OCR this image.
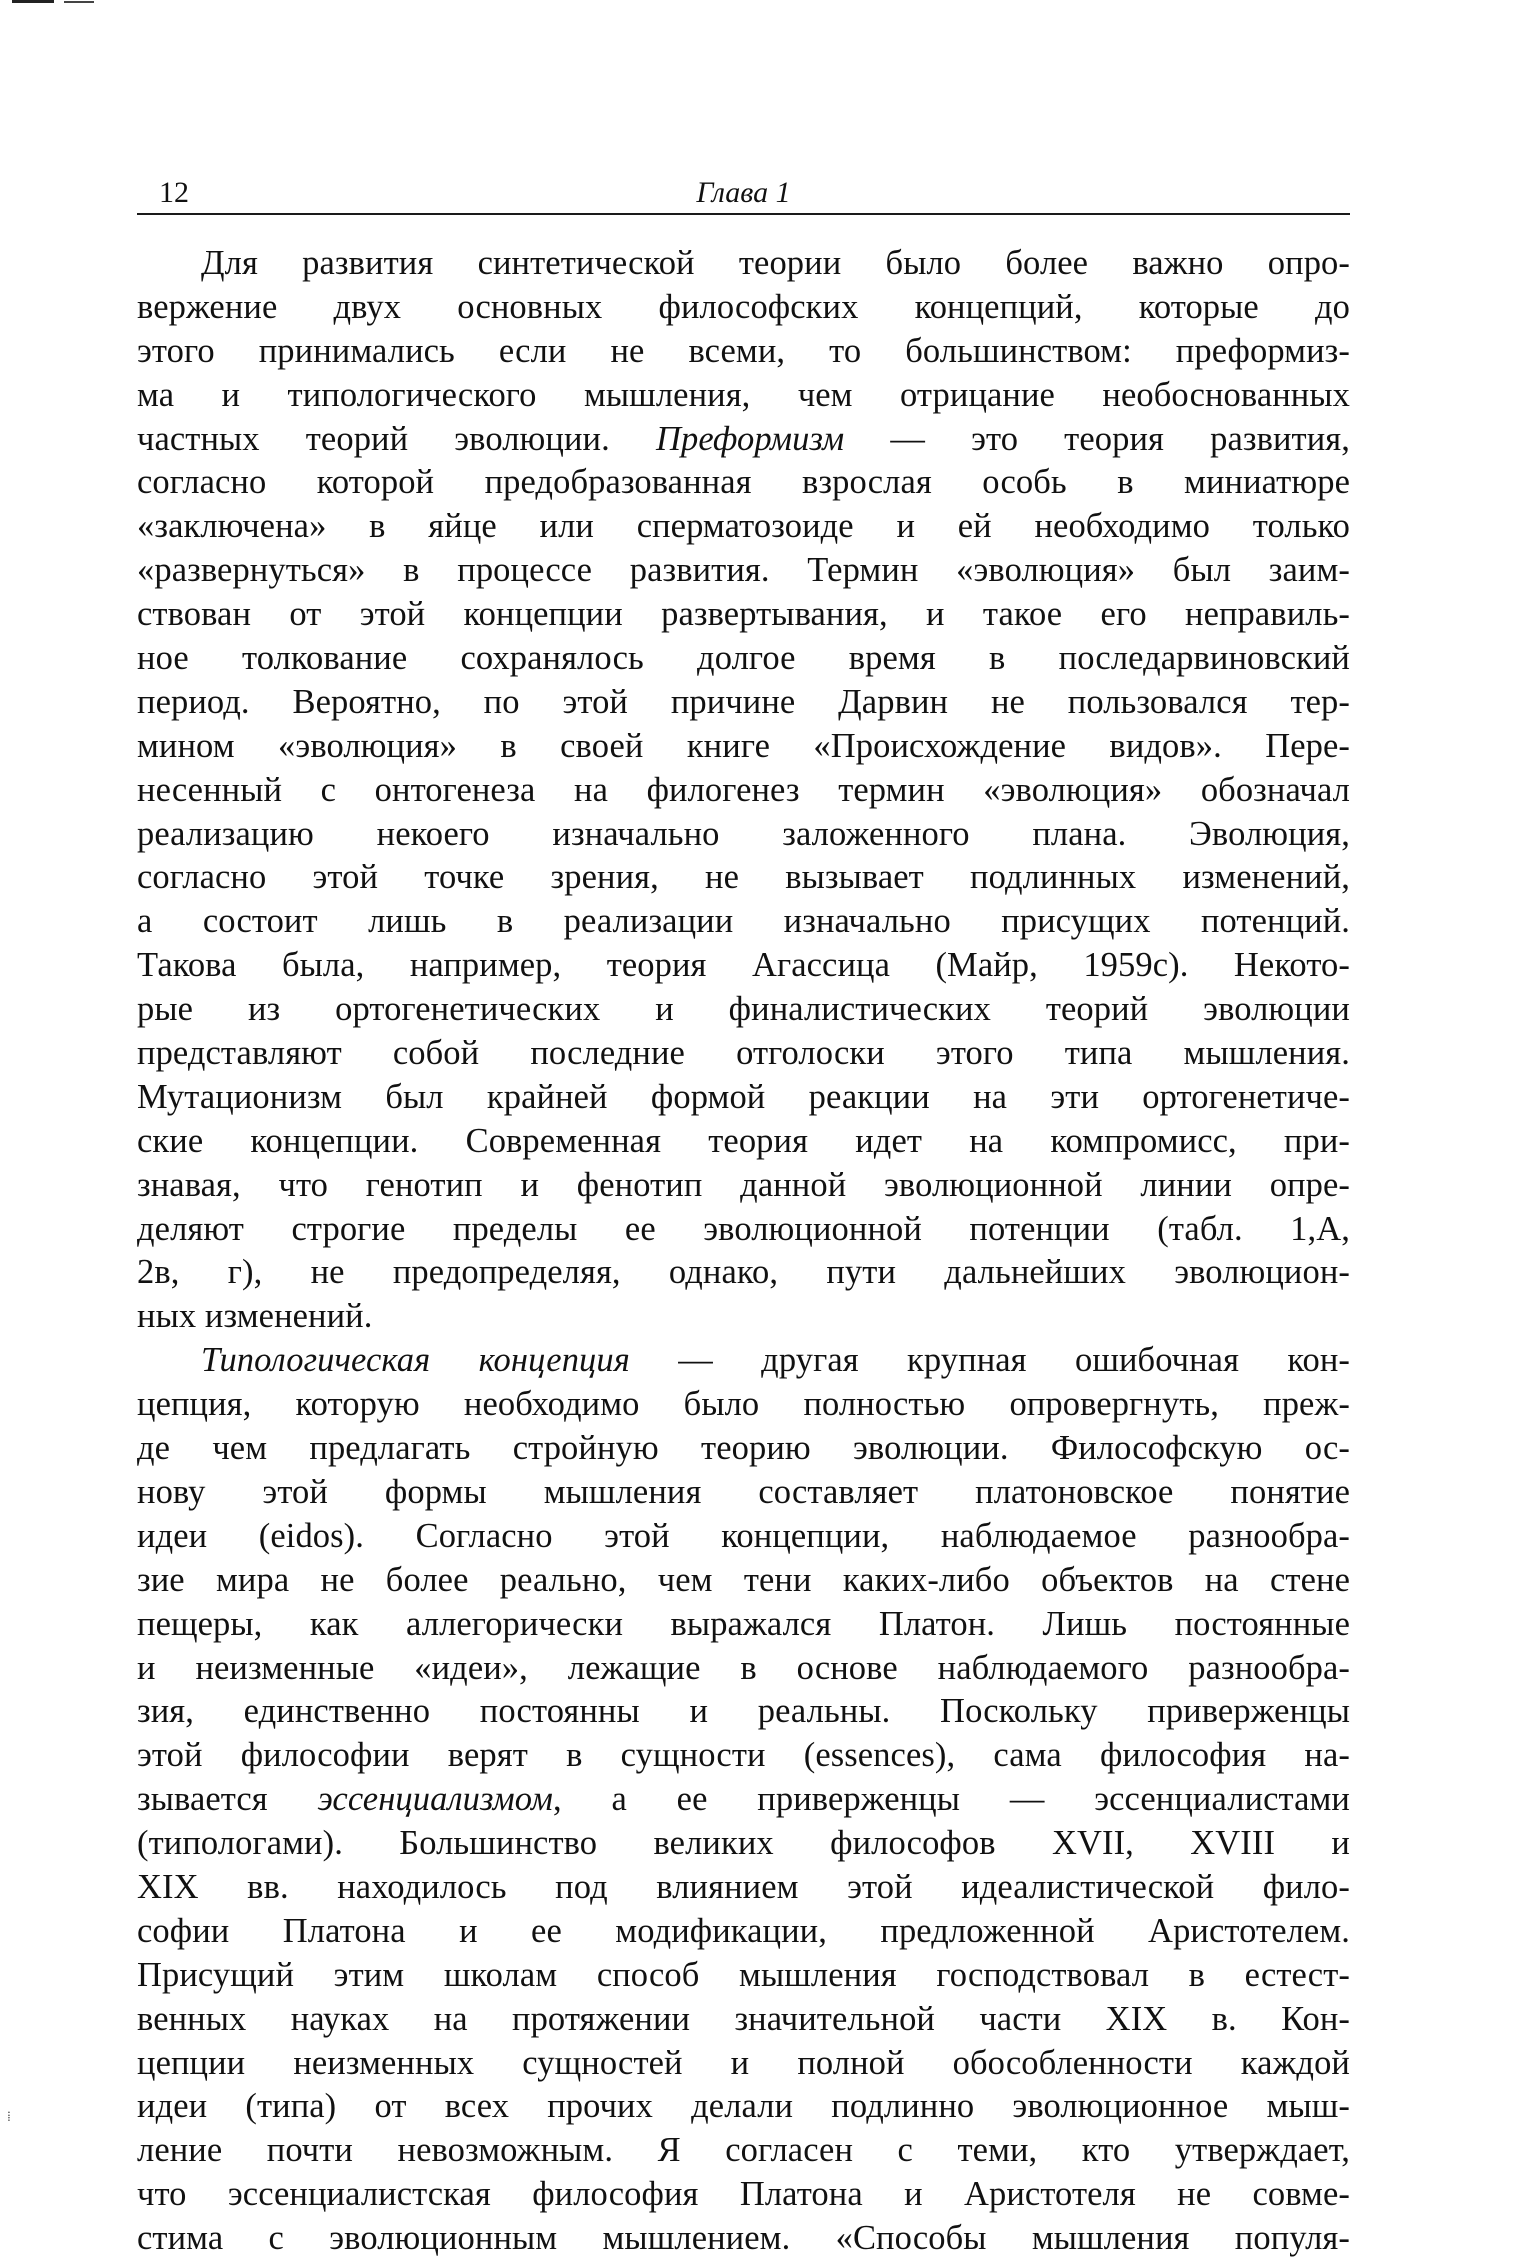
12	Глава 1
Для развития синтетической теории было более важно опро-
вержение двух основных философских концепций, которые до
этого принимались если не всеми, то большинством: преформиз-
ма и типологического мышления, чем отрицание необоснованных
частных теорий эволюции. Преформизм — это теория развития,
согласно которой предобразованная взрослая особь в миниатюре
«заключена» в яйце или сперматозоиде и ей необходимо только
«развернуться» в процессе развития. Термин «эволюция» был заим-
ствован от этой концепции развертывания, и такое его неправиль-
ное толкование сохранялось долгое время в последарвиновский
период. Вероятно, по этой причине Дарвин не пользовался тер-
мином «эволюция» в своей книге «Происхождение видов». Пере-
несенный с онтогенеза на филогенез термин «эволюция» обозначал
реализацию некоего изначально заложенного плана. Эволюция,
согласно этой точке зрения, не вызывает подлинных изменений,
а состоит лишь в реализации изначально присущих потенций.
Такова была, например, теория Агассица (Майр, 1959с). Некото-
рые из ортогенетических и финалистических теорий эволюции
представляют собой последние отголоски этого типа мышления.
Мутационизм был крайней формой реакции на эти ортогенетиче-
ские концепции. Современная теория идет на компромисс, при-
знавая, что генотип и фенотип данной эволюционной линии опре-
деляют строгие пределы ее эволюционной потенции (табл. 1,А,
2в, г), не предопределяя, однако, пути дальнейших эволюцион-
ных изменений.
Типологическая концепция — другая крупная ошибочная кон-
цепция, которую необходимо было полностью опровергнуть, преж-
де чем предлагать стройную теорию эволюции. Философскую ос-
нову этой формы мышления составляет платоновское понятие
идеи (eidos). Согласно этой концепции, наблюдаемое разнообра-
зие мира не более реально, чем тени каких-либо объектов на стене
пещеры, как аллегорически выражался Платон. Лишь постоянные
и неизменные «идеи», лежащие в основе наблюдаемого разнообра-
зия, единственно постоянны и реальны. Поскольку приверженцы
этой философии верят в сущности (essences), сама философия на-
зывается эссенциализмом, а ее приверженцы — эссенциалистами
(типологами). Большинство великих философов XVII, XVIII и
XIX вв. находилось под влиянием этой идеалистической фило-
софии Платона и ее модификации, предложенной Аристотелем.
Присущий этим школам способ мышления господствовал в естест-
венных науках на протяжении значительной части XIX в. Кон-
цепции неизменных сущностей и полной обособленности каждой
идеи (типа) от всех прочих делали подлинно эволюционное мыш-
ление почти невозможным. Я согласен с теми, кто утверждает,
что эссенциалистская философия Платона и Аристотеля не совме-
стима с эволюционным мышлением. «Способы мышления популя-
⁞
